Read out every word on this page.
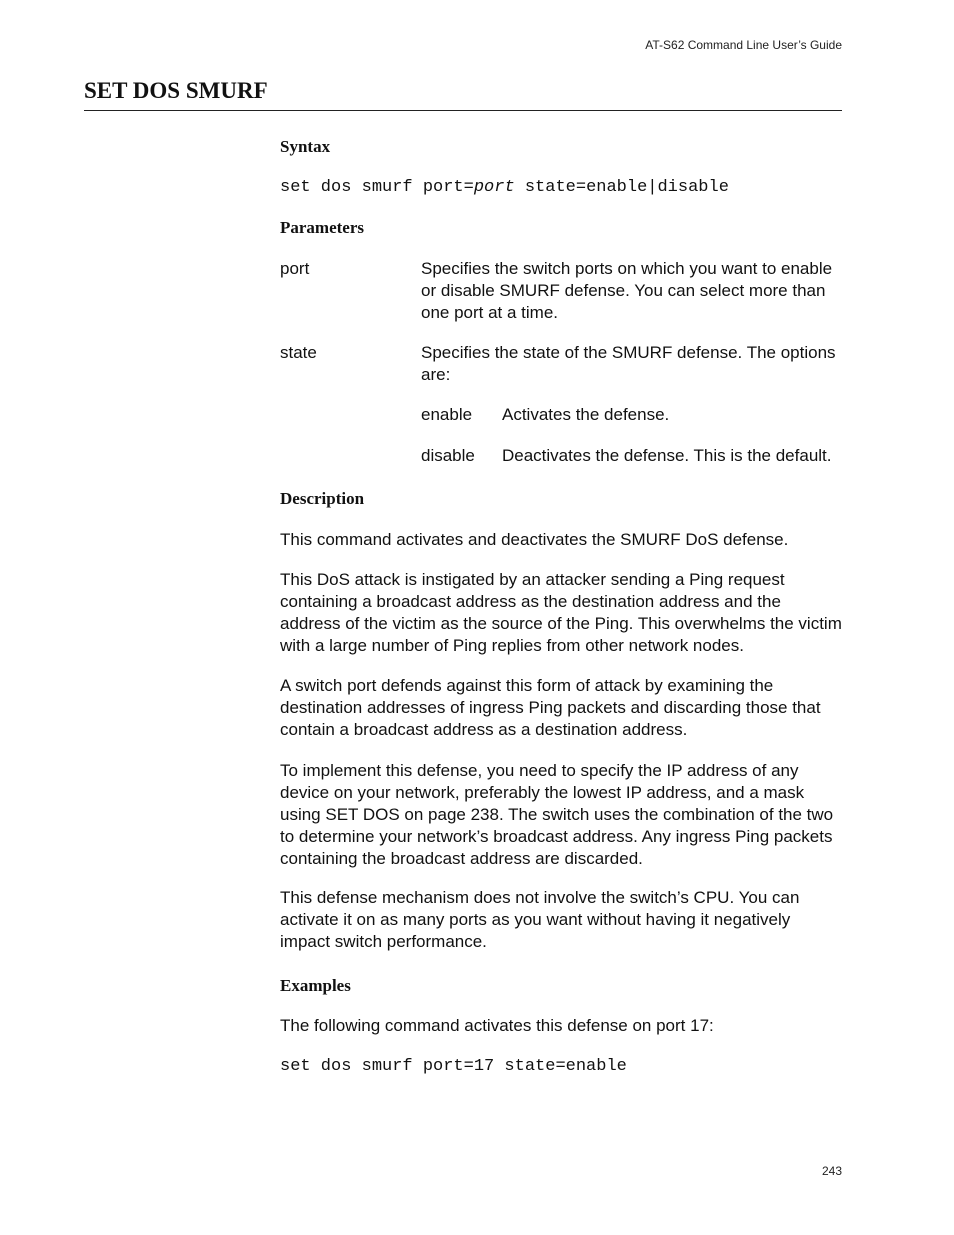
AT-S62 Command Line User’s Guide
SET DOS SMURF
Syntax
set dos smurf port=port state=enable|disable
Parameters
port	Specifies the switch ports on which you want to enable or disable SMURF defense. You can select more than one port at a time.

state	Specifies the state of the SMURF defense. The options are:

enable Activates the defense.
disable Deactivates the defense. This is the default.
Description

This command activates and deactivates the SMURF DoS defense.

This DoS attack is instigated by an attacker sending a Ping request containing a broadcast address as the destination address and the address of the victim as the source of the Ping. This overwhelms the victim with a large number of Ping replies from other network nodes.

A switch port defends against this form of attack by examining the destination addresses of ingress Ping packets and discarding those that contain a broadcast address as a destination address.

To implement this defense, you need to specify the IP address of any device on your network, preferably the lowest IP address, and a mask using SET DOS on page 238. The switch uses the combination of the two to determine your network’s broadcast address. Any ingress Ping packets containing the broadcast address are discarded.

This defense mechanism does not involve the switch’s CPU. You can activate it on as many ports as you want without having it negatively impact switch performance.

Examples

The following command activates this defense on port 17:

set dos smurf port=17 state=enable
243
